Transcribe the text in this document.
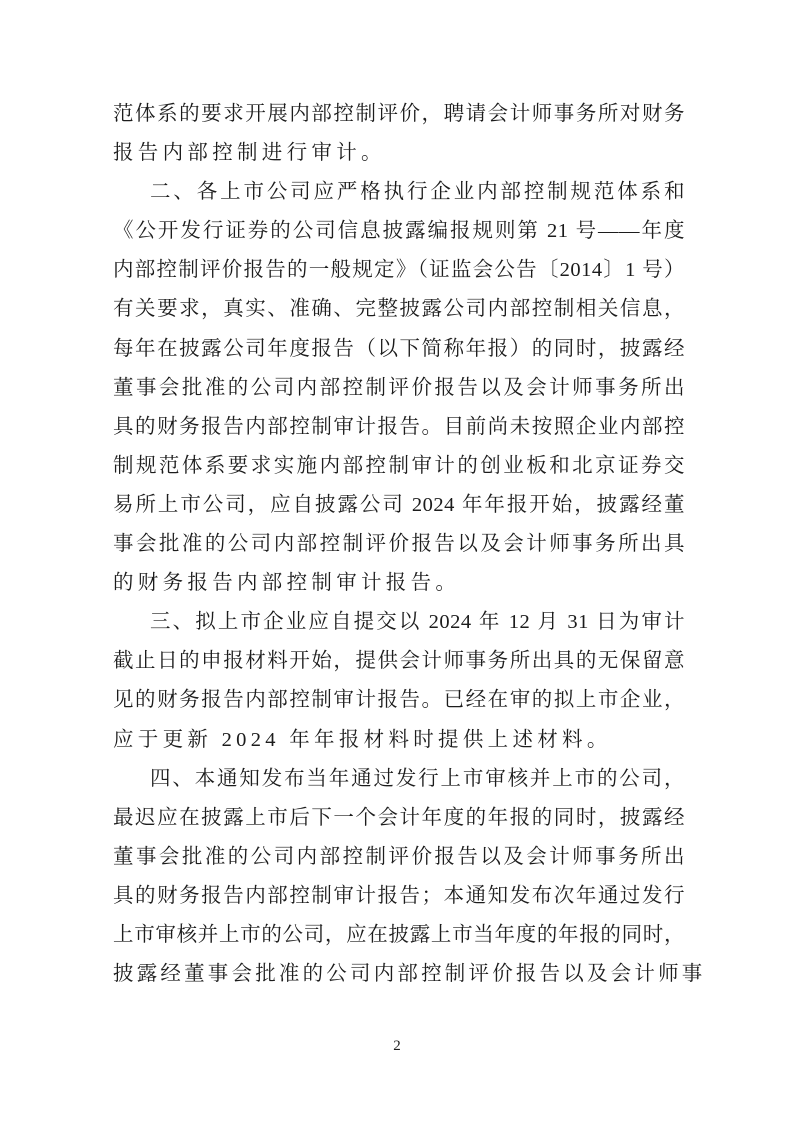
范体系的要求开展内部控制评价，聘请会计师事务所对财务
报告内部控制进行审计。
二、各上市公司应严格执行企业内部控制规范体系和
《公开发行证券的公司信息披露编报规则第 21 号——年度
内部控制评价报告的一般规定》（证监会公告〔2014〕1 号）
有关要求，真实、准确、完整披露公司内部控制相关信息，
每年在披露公司年度报告（以下简称年报）的同时，披露经
董事会批准的公司内部控制评价报告以及会计师事务所出
具的财务报告内部控制审计报告。目前尚未按照企业内部控
制规范体系要求实施内部控制审计的创业板和北京证券交
易所上市公司，应自披露公司 2024 年年报开始，披露经董
事会批准的公司内部控制评价报告以及会计师事务所出具
的财务报告内部控制审计报告。
三、拟上市企业应自提交以 2024 年 12 月 31 日为审计
截止日的申报材料开始，提供会计师事务所出具的无保留意
见的财务报告内部控制审计报告。已经在审的拟上市企业，
应于更新 2024 年年报材料时提供上述材料。
四、本通知发布当年通过发行上市审核并上市的公司，
最迟应在披露上市后下一个会计年度的年报的同时，披露经
董事会批准的公司内部控制评价报告以及会计师事务所出
具的财务报告内部控制审计报告；本通知发布次年通过发行
上市审核并上市的公司，应在披露上市当年度的年报的同时，
披露经董事会批准的公司内部控制评价报告以及会计师事
2
